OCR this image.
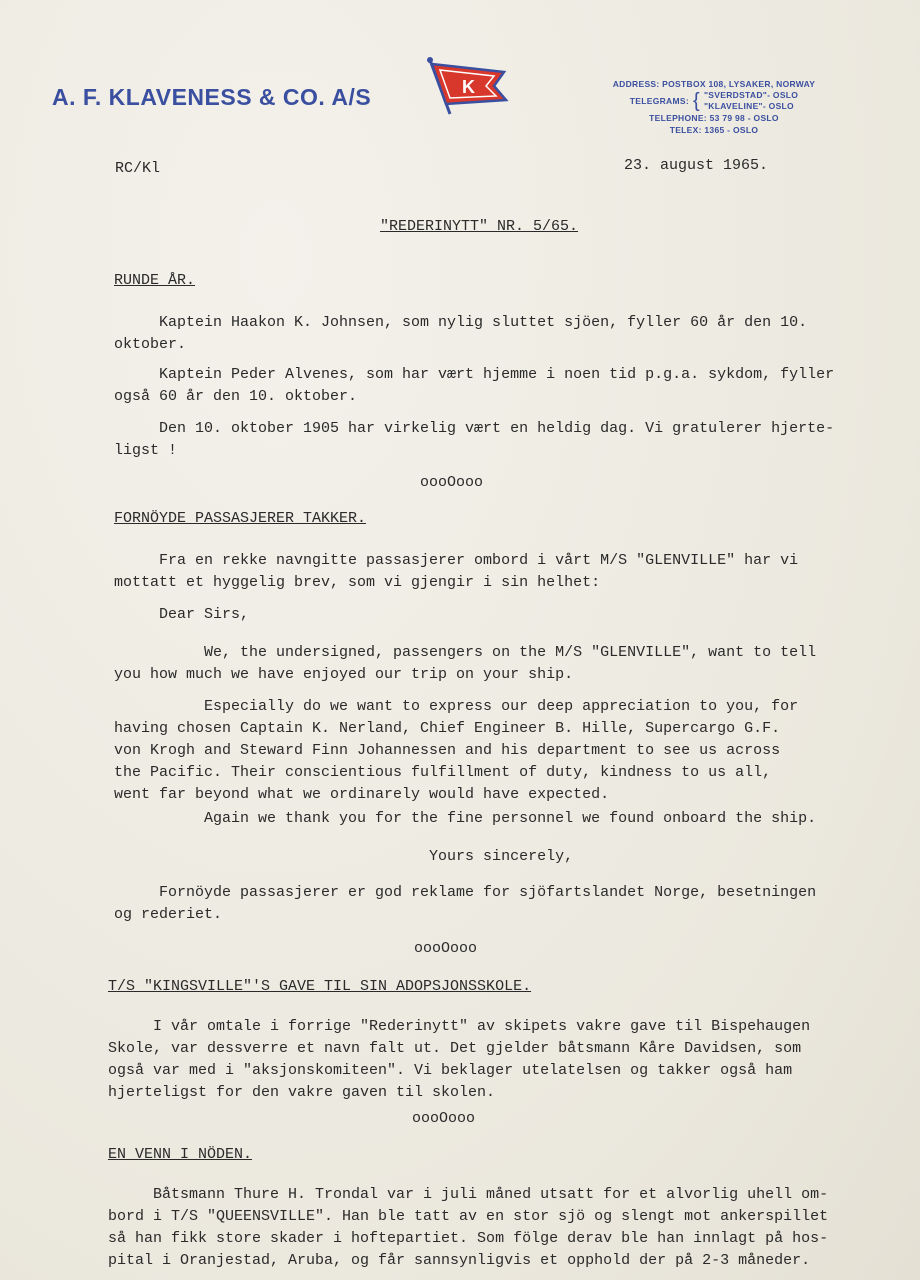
A. F. KLAVENESS & CO. A/S	K	ADDRESS: POSTBOX 108, LYSAKER, NORWAY
TELEGRAMS: { "SVERDSTAD"- OSLO
"KLAVELINE"- OSLO
TELEPHONE: 53 79 98 - OSLO
TELEX: 1365 - OSLO
RC/Kl	23. august 1965.
"REDERINYTT" NR. 5/65.
RUNDE ÅR.
Kaptein Haakon K. Johnsen, som nylig sluttet sjöen, fyller 60 år den 10.
oktober.
Kaptein Peder Alvenes, som har vært hjemme i noen tid p.g.a. sykdom, fyller
også 60 år den 10. oktober.
Den 10. oktober 1905 har virkelig vært en heldig dag. Vi gratulerer hjerte-
ligst !
oooOooo
FORNÖYDE PASSASJERER TAKKER.
Fra en rekke navngitte passasjerer ombord i vårt M/S "GLENVILLE" har vi
mottatt et hyggelig brev, som vi gjengir i sin helhet:
Dear Sirs,
We, the undersigned, passengers on the M/S "GLENVILLE", want to tell
you how much we have enjoyed our trip on your ship.
Especially do we want to express our deep appreciation to you, for
having chosen Captain K. Nerland, Chief Engineer B. Hille, Supercargo G.F.
von Krogh and Steward Finn Johannessen and his department to see us across
the Pacific. Their conscientious fulfillment of duty, kindness to us all,
went far beyond what we ordinarely would have expected.
Again we thank you for the fine personnel we found onboard the ship.
Yours sincerely,
Fornöyde passasjerer er god reklame for sjöfartslandet Norge, besetningen
og rederiet.
oooOooo
T/S "KINGSVILLE"'S GAVE TIL SIN ADOPSJONSSKOLE.
I vår omtale i forrige "Rederinytt" av skipets vakre gave til Bispehaugen
Skole, var dessverre et navn falt ut. Det gjelder båtsmann Kåre Davidsen, som
også var med i "aksjonskomiteen". Vi beklager utelatelsen og takker også ham
hjerteligst for den vakre gaven til skolen.
oooOooo
EN VENN I NÖDEN.
Båtsmann Thure H. Trondal var i juli måned utsatt for et alvorlig uhell om-
bord i T/S "QUEENSVILLE". Han ble tatt av en stor sjö og slengt mot ankerspillet
så han fikk store skader i hoftepartiet. Som fölge derav ble han innlagt på hos-
pital i Oranjestad, Aruba, og får sannsynligvis et opphold der på 2-3 måneder.
